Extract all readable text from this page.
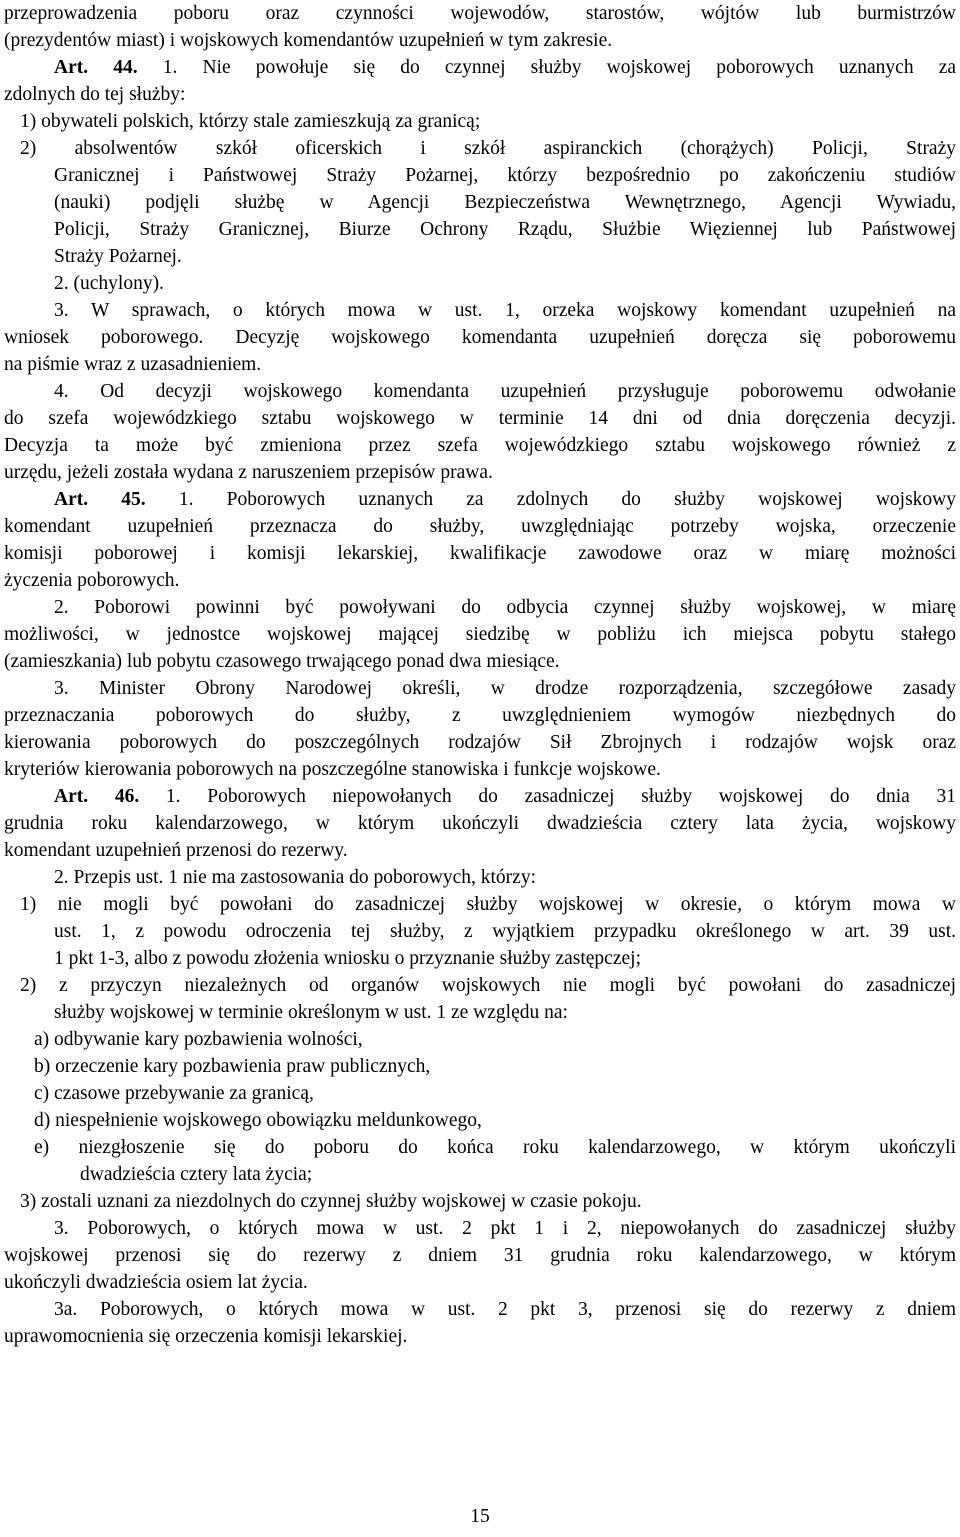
przeprowadzenia poboru oraz czynności wojewodów, starostów, wójtów lub burmistrzów
(prezydentów miast) i wojskowych komendantów uzupełnień w tym zakresie.
Art. 44. 1. Nie powołuje się do czynnej służby wojskowej poborowych uznanych za
zdolnych do tej służby:
1) obywateli polskich, którzy stale zamieszkują za granicą;
2) absolwentów szkół oficerskich i szkół aspiranckich (chorążych) Policji, Straży
Granicznej i Państwowej Straży Pożarnej, którzy bezpośrednio po zakończeniu studiów
(nauki) podjęli służbę w Agencji Bezpieczeństwa Wewnętrznego, Agencji Wywiadu,
Policji, Straży Granicznej, Biurze Ochrony Rządu, Służbie Więziennej lub Państwowej
Straży Pożarnej.
2. (uchylony).
3. W sprawach, o których mowa w ust. 1, orzeka wojskowy komendant uzupełnień na
wniosek poborowego. Decyzję wojskowego komendanta uzupełnień doręcza się poborowemu
na piśmie wraz z uzasadnieniem.
4. Od decyzji wojskowego komendanta uzupełnień przysługuje poborowemu odwołanie
do szefa wojewódzkiego sztabu wojskowego w terminie 14 dni od dnia doręczenia decyzji.
Decyzja ta może być zmieniona przez szefa wojewódzkiego sztabu wojskowego również z
urzędu, jeżeli została wydana z naruszeniem przepisów prawa.
Art. 45. 1. Poborowych uznanych za zdolnych do służby wojskowej wojskowy
komendant uzupełnień przeznacza do służby, uwzględniając potrzeby wojska, orzeczenie
komisji poborowej i komisji lekarskiej, kwalifikacje zawodowe oraz w miarę możności
życzenia poborowych.
2. Poborowi powinni być powoływani do odbycia czynnej służby wojskowej, w miarę
możliwości, w jednostce wojskowej mającej siedzibę w pobliżu ich miejsca pobytu stałego
(zamieszkania) lub pobytu czasowego trwającego ponad dwa miesiące.
3. Minister Obrony Narodowej określi, w drodze rozporządzenia, szczegółowe zasady
przeznaczania poborowych do służby, z uwzględnieniem wymogów niezbędnych do
kierowania poborowych do poszczególnych rodzajów Sił Zbrojnych i rodzajów wojsk oraz
kryteriów kierowania poborowych na poszczególne stanowiska i funkcje wojskowe.
Art. 46. 1. Poborowych niepowołanych do zasadniczej służby wojskowej do dnia 31
grudnia roku kalendarzowego, w którym ukończyli dwadzieścia cztery lata życia, wojskowy
komendant uzupełnień przenosi do rezerwy.
2. Przepis ust. 1 nie ma zastosowania do poborowych, którzy:
1) nie mogli być powołani do zasadniczej służby wojskowej w okresie, o którym mowa w
ust. 1, z powodu odroczenia tej służby, z wyjątkiem przypadku określonego w art. 39 ust.
1 pkt 1-3, albo z powodu złożenia wniosku o przyznanie służby zastępczej;
2) z przyczyn niezależnych od organów wojskowych nie mogli być powołani do zasadniczej
służby wojskowej w terminie określonym w ust. 1 ze względu na:
a) odbywanie kary pozbawienia wolności,
b) orzeczenie kary pozbawienia praw publicznych,
c) czasowe przebywanie za granicą,
d) niespełnienie wojskowego obowiązku meldunkowego,
e) niezgłoszenie się do poboru do końca roku kalendarzowego, w którym ukończyli
dwadzieścia cztery lata życia;
3) zostali uznani za niezdolnych do czynnej służby wojskowej w czasie pokoju.
3. Poborowych, o których mowa w ust. 2 pkt 1 i 2, niepowołanych do zasadniczej służby
wojskowej przenosi się do rezerwy z dniem 31 grudnia roku kalendarzowego, w którym
ukończyli dwadzieścia osiem lat życia.
3a. Poborowych, o których mowa w ust. 2 pkt 3, przenosi się do rezerwy z dniem
uprawomocnienia się orzeczenia komisji lekarskiej.
15
